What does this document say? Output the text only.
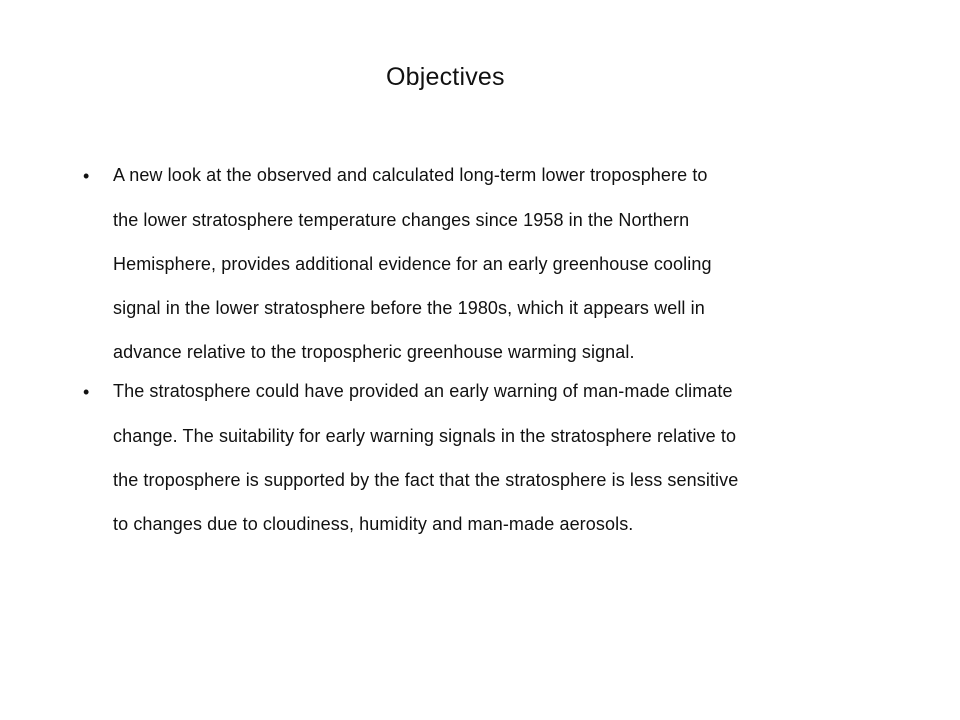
Objectives
• A new look at the observed and calculated long-term lower troposphere to
the lower stratosphere temperature changes since 1958 in the Northern
Hemisphere, provides additional evidence for an early greenhouse cooling
signal in the lower stratosphere before the 1980s, which it appears well in
advance relative to the tropospheric greenhouse warming signal.
• The stratosphere could have provided an early warning of man-made climate
change. The suitability for early warning signals in the stratosphere relative to
the troposphere is supported by the fact that the stratosphere is less sensitive
to changes due to cloudiness, humidity and man-made aerosols.
